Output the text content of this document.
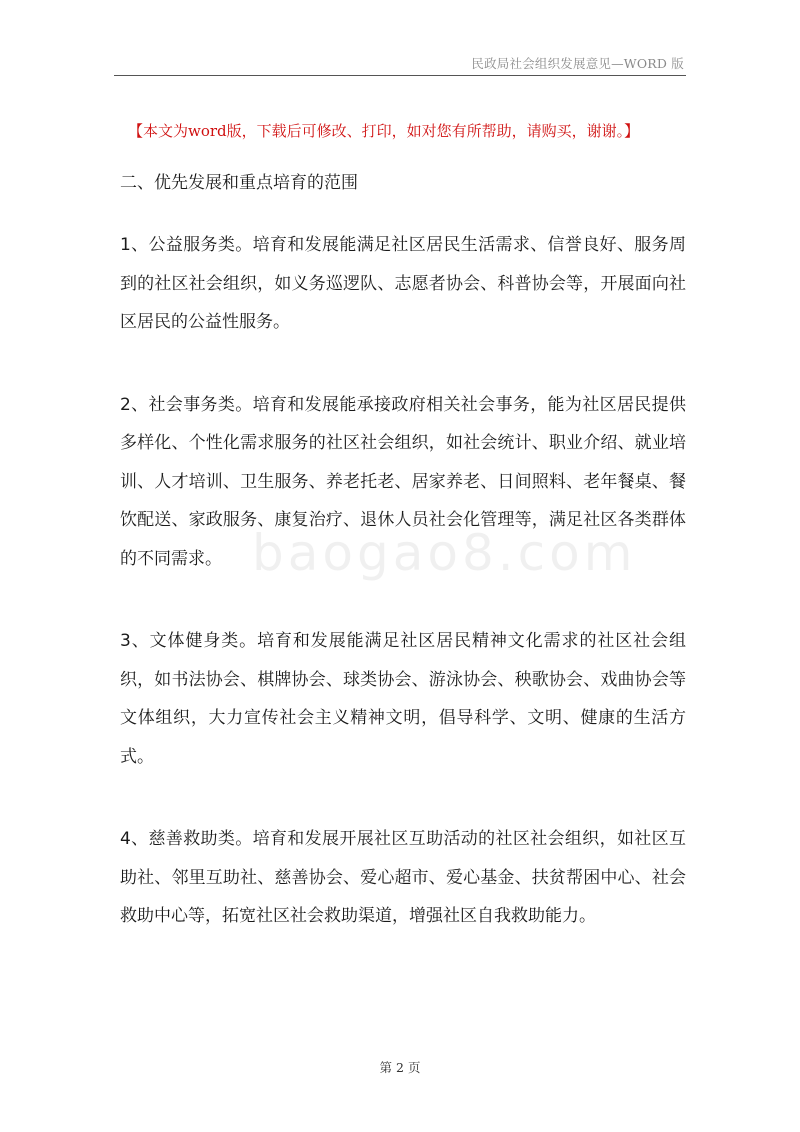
民政局社会组织发展意见—WORD 版
【本文为word版，下载后可修改、打印，如对您有所帮助，请购买，谢谢。】
baogao8.com
二、优先发展和重点培育的范围

1、公益服务类。培育和发展能满足社区居民生活需求、信誉良好、服务周到的社区社会组织，如义务巡逻队、志愿者协会、科普协会等，开展面向社区居民的公益性服务。

2、社会事务类。培育和发展能承接政府相关社会事务，能为社区居民提供多样化、个性化需求服务的社区社会组织，如社会统计、职业介绍、就业培训、人才培训、卫生服务、养老托老、居家养老、日间照料、老年餐桌、餐饮配送、家政服务、康复治疗、退休人员社会化管理等，满足社区各类群体的不同需求。

3、文体健身类。培育和发展能满足社区居民精神文化需求的社区社会组织，如书法协会、棋牌协会、球类协会、游泳协会、秧歌协会、戏曲协会等文体组织，大力宣传社会主义精神文明，倡导科学、文明、健康的生活方式。

4、慈善救助类。培育和发展开展社区互助活动的社区社会组织，如社区互助社、邻里互助社、慈善协会、爱心超市、爱心基金、扶贫帮困中心、社会救助中心等，拓宽社区社会救助渠道，增强社区自我救助能力。

第 2 页
